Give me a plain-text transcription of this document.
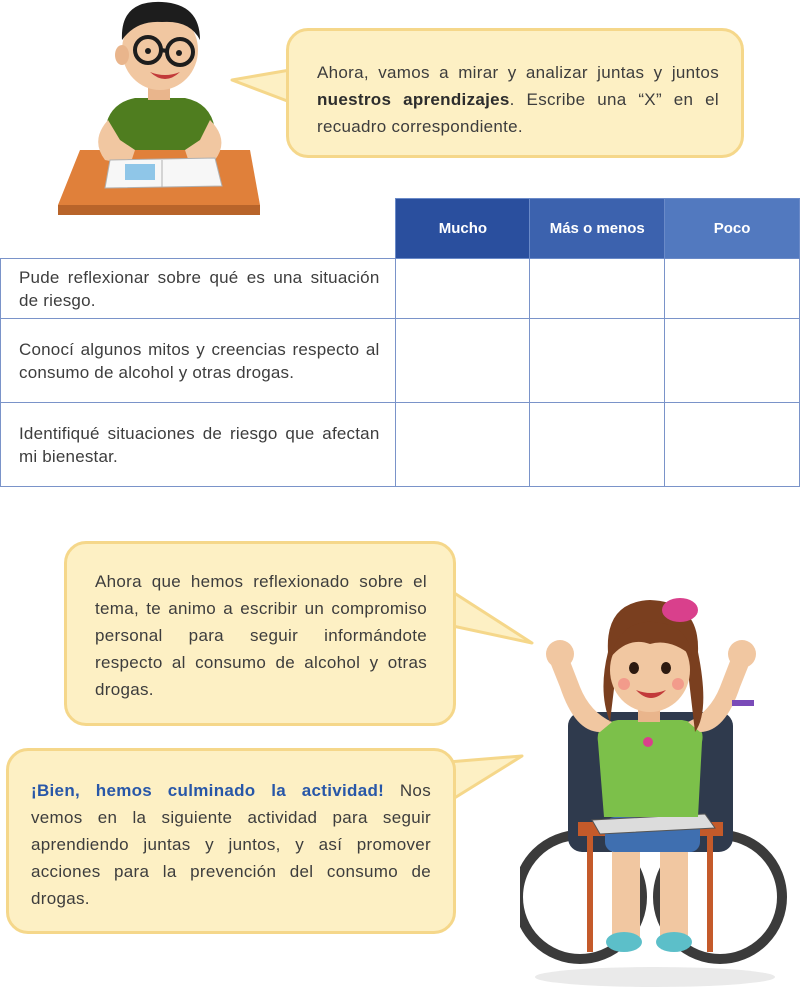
Ahora, vamos a mirar y analizar juntas y juntos nuestros aprendizajes. Escribe una “X” en el recuadro correspondiente.
	Mucho	Más o menos	Poco
Pude reflexionar sobre qué es una situación de riesgo.			
Conocí algunos mitos y creencias respecto al consumo de alcohol y otras drogas.			
Identifiqué situaciones de riesgo que afectan mi bienestar.			
Ahora que hemos reflexionado sobre el tema, te animo a escribir un compromiso personal para seguir informándote respecto al consumo de alcohol y otras drogas.
¡Bien, hemos culminado la actividad! Nos vemos en la siguiente actividad para seguir aprendiendo juntas y juntos, y así promover acciones para la prevención del consumo de drogas.
